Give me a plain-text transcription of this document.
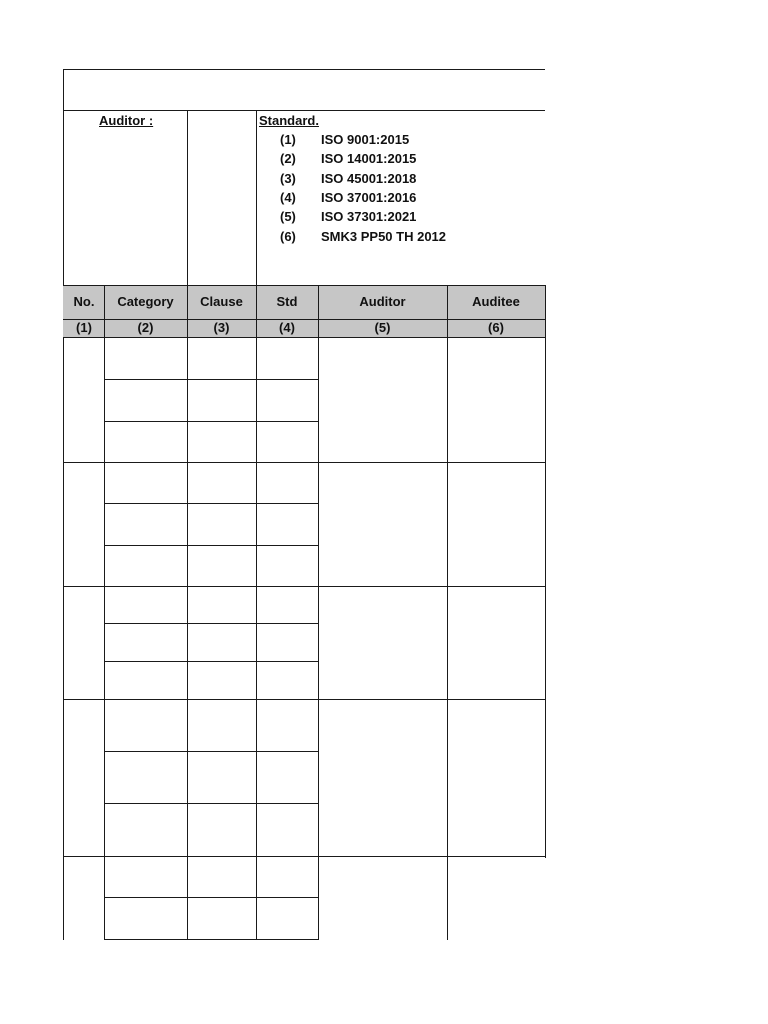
Auditor :	Standard.
(1) ISO 9001:2015
(2) ISO 14001:2015
(3) ISO 45001:2018
(4) ISO 37001:2016
(5) ISO 37301:2021
(6) SMK3 PP50 TH 2012
No.	Category	Clause	Std	Auditor	Auditee
(1)	(2)	(3)	(4)	(5)	(6)
